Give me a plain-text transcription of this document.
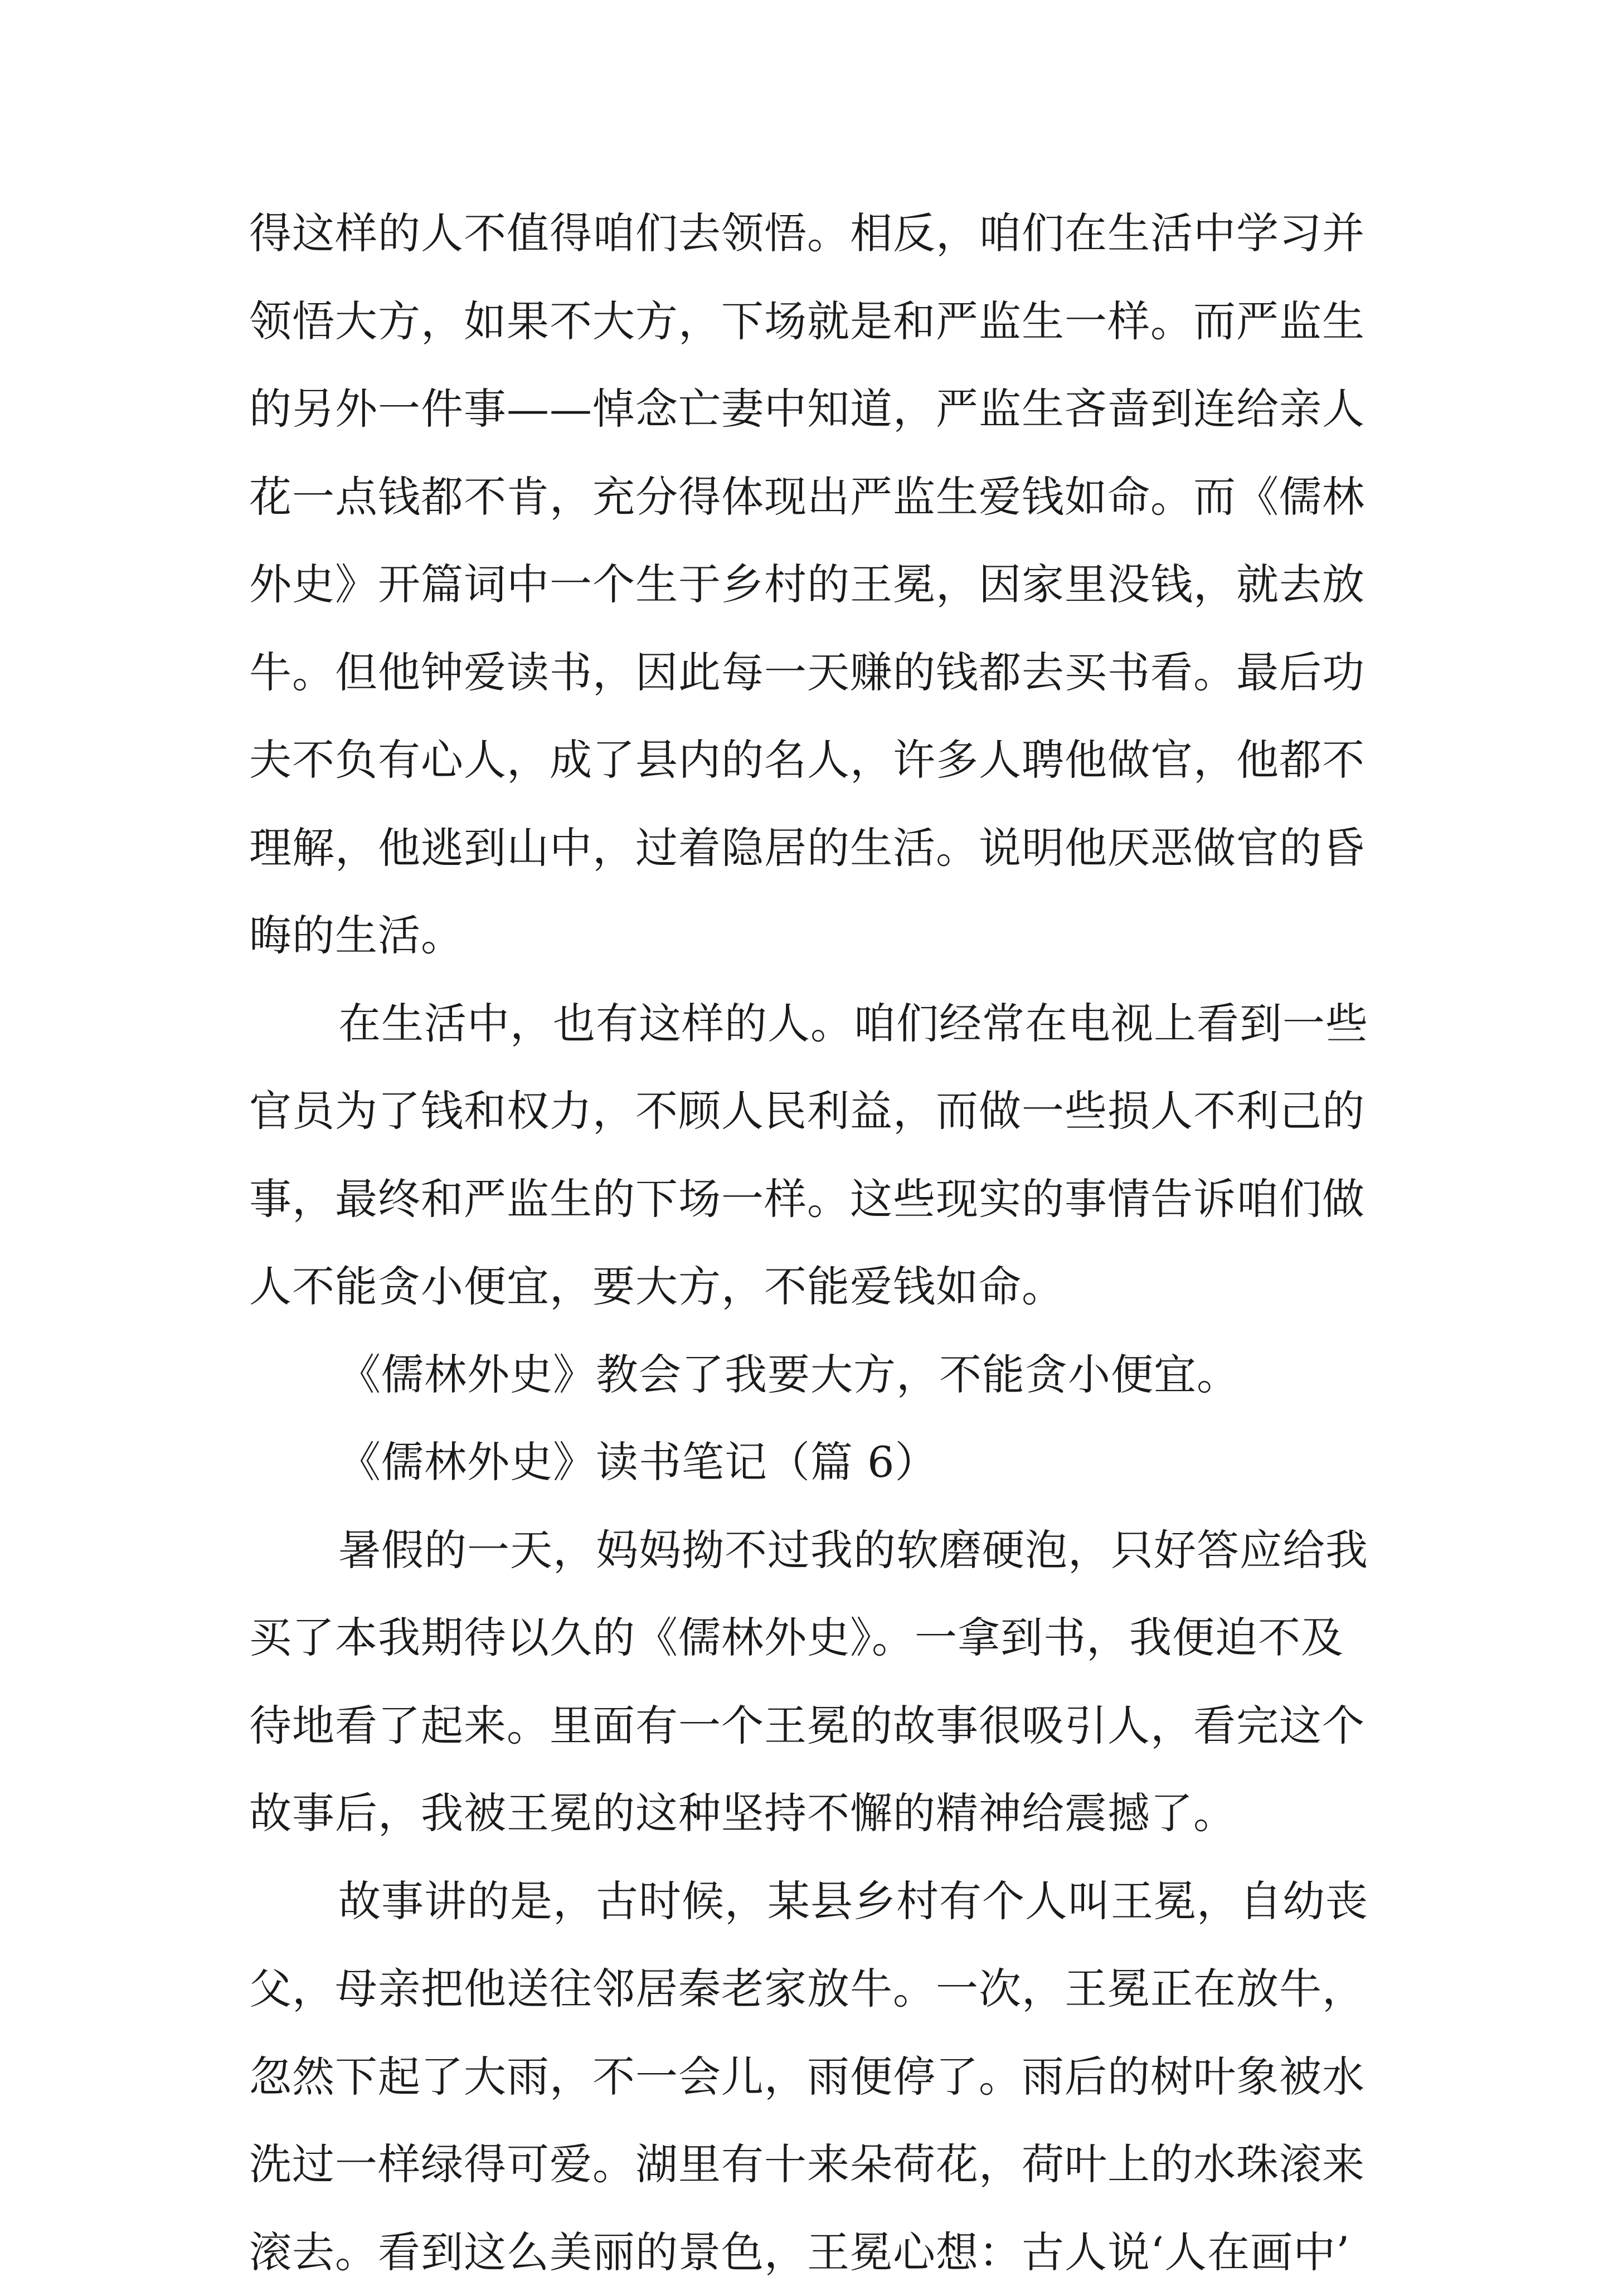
得这样的人不值得咱们去领悟。相反，咱们在生活中学习并
领悟大方，如果不大方，下场就是和严监生一样。而严监生
的另外一件事——悼念亡妻中知道，严监生吝啬到连给亲人
花一点钱都不肯，充分得体现出严监生爱钱如命。而《儒林
外史》开篇词中一个生于乡村的王冕，因家里没钱，就去放
牛。但他钟爱读书，因此每一天赚的钱都去买书看。最后功
夫不负有心人，成了县内的名人，许多人聘他做官，他都不
理解，他逃到山中，过着隐居的生活。说明他厌恶做官的昏
晦的生活。
在生活中，也有这样的人。咱们经常在电视上看到一些
官员为了钱和权力，不顾人民利益，而做一些损人不利己的
事，最终和严监生的下场一样。这些现实的事情告诉咱们做
人不能贪小便宜，要大方，不能爱钱如命。
《儒林外史》教会了我要大方，不能贪小便宜。
《儒林外史》读书笔记（篇 6）
暑假的一天，妈妈拗不过我的软磨硬泡，只好答应给我
买了本我期待以久的《儒林外史》。一拿到书，我便迫不及
待地看了起来。里面有一个王冕的故事很吸引人，看完这个
故事后，我被王冕的这种坚持不懈的精神给震撼了。
故事讲的是，古时候，某县乡村有个人叫王冕，自幼丧
父，母亲把他送往邻居秦老家放牛。一次，王冕正在放牛，
忽然下起了大雨，不一会儿，雨便停了。雨后的树叶象被水
洗过一样绿得可爱。湖里有十来朵荷花，荷叶上的水珠滚来
滚去。看到这么美丽的景色，王冕心想：古人说‘人在画中’
